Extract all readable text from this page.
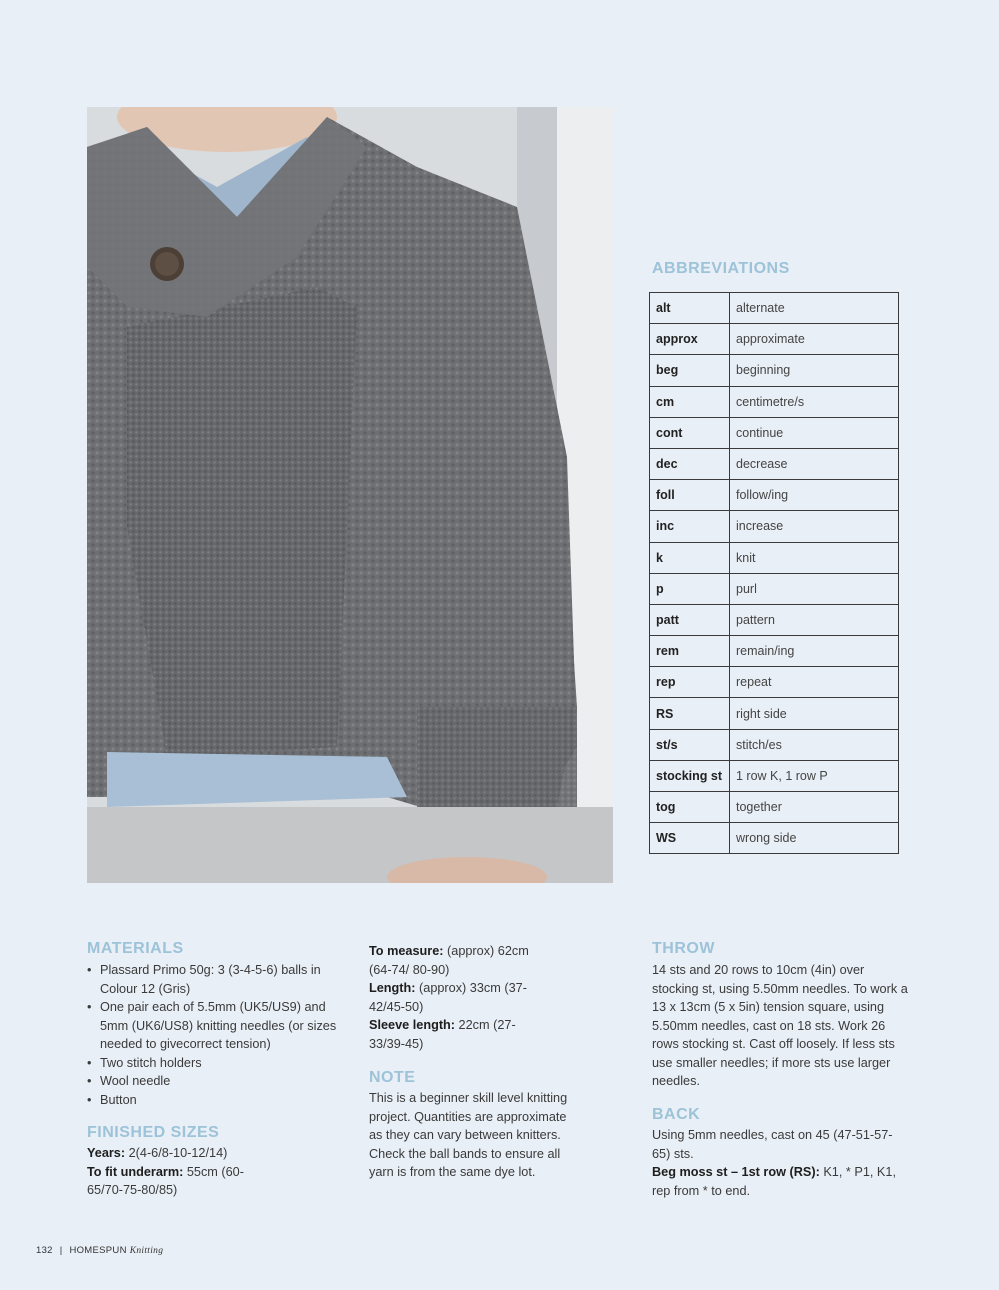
ABBREVIATIONS
alt	alternate
approx	approximate
beg	beginning
cm	centimetre/s
cont	continue
dec	decrease
foll	follow/ing
inc	increase
k	knit
p	purl
patt	pattern
rem	remain/ing
rep	repeat
RS	right side
st/s	stitch/es
stocking st	1 row K, 1 row P
tog	together
WS	wrong side
MATERIALS
• Plassard Primo 50g: 3 (3-4-5-6) balls in Colour 12 (Gris)
• One pair each of 5.5mm (UK5/US9) and 5mm (UK6/US8) knitting needles (or sizes needed to givecorrect tension)
• Two stitch holders
• Wool needle
• Button
FINISHED SIZES

Years: 2(4-6/8-10-12/14)

To fit underarm: 55cm (60-65/70-75-80/85)

To measure: (approx) 62cm (64-74/ 80-90)

Length: (approx) 33cm (37-42/45-50)

Sleeve length: 22cm (27-33/39-45)

NOTE
This is a beginner skill level knitting project. Quantities are approximate as they can vary between knitters. Check the ball bands to ensure all yarn is from the same dye lot.
THROW
14 sts and 20 rows to 10cm (4in) over stocking st, using 5.50mm needles. To work a 13 x 13cm (5 x 5in) tension square, using 5.50mm needles, cast on 18 sts. Work 26 rows stocking st. Cast off loosely. If less sts use smaller needles; if more sts use larger needles.
BACK

Using 5mm needles, cast on 45 (47-51-57-65) sts.

Beg moss st – 1st row (RS): K1, * P1, K1, rep from * to end.

132 | HOMESPUN Knitting
